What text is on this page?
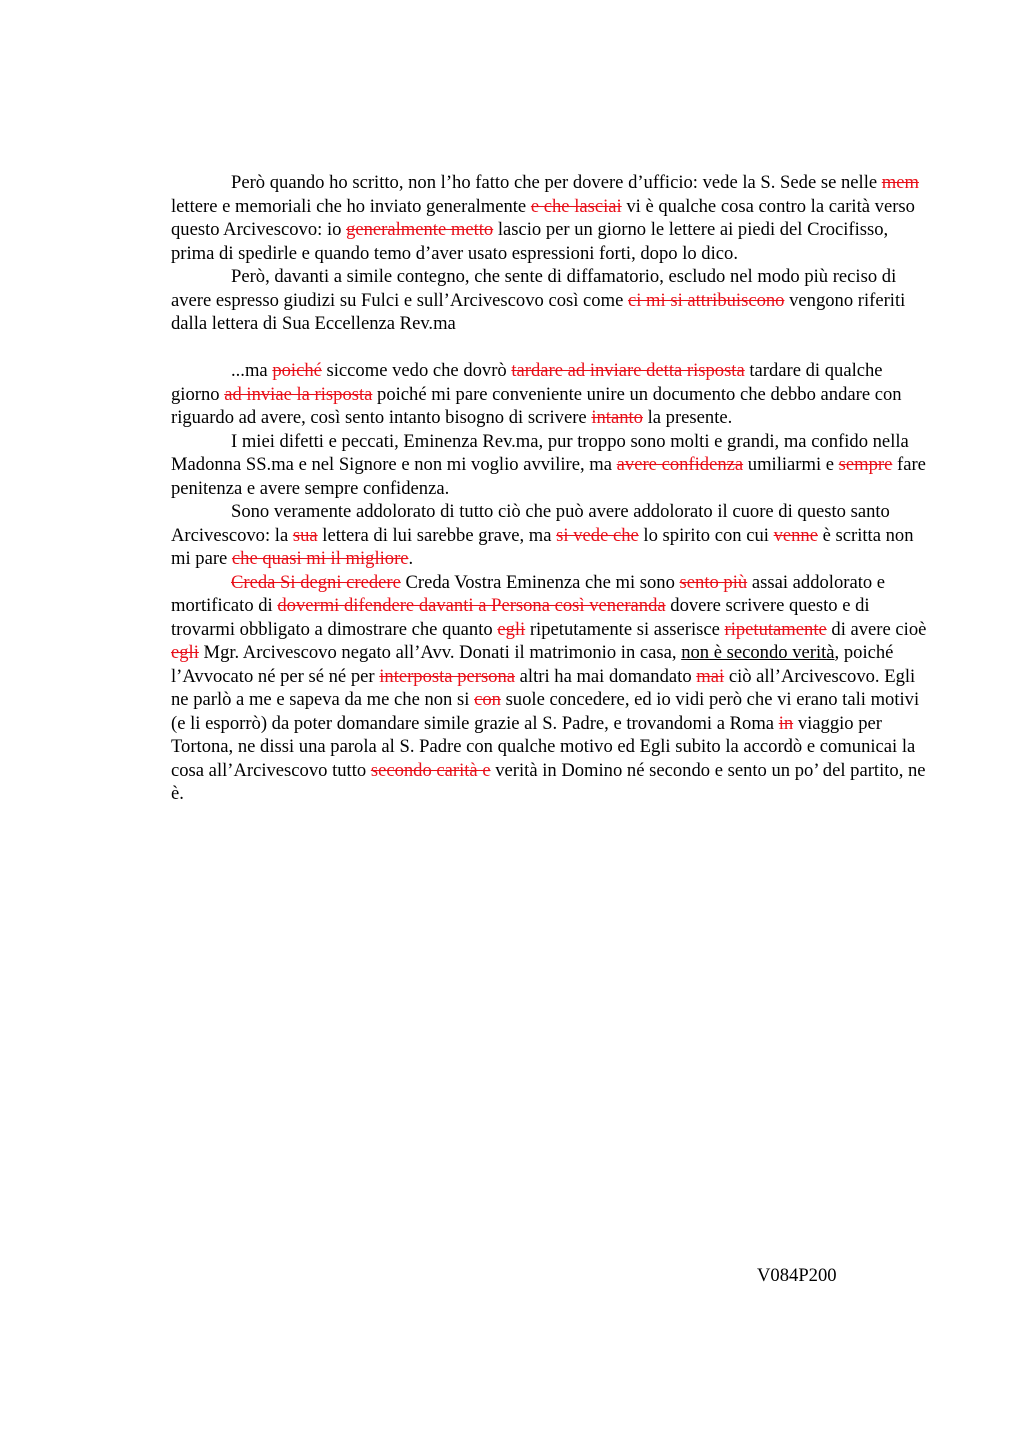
Però quando ho scritto, non l’ho fatto che per dovere d’ufficio: vede la S. Sede se nelle mem lettere e memoriali che ho inviato generalmente e che lasciai vi è qualche cosa contro la carità verso questo Arcivescovo: io generalmente metto lascio per un giorno le lettere ai piedi del Crocifisso, prima di spedirle e quando temo d’aver usato espressioni forti, dopo lo dico.

Però, davanti a simile contegno, che sente di diffamatorio, escludo nel modo più reciso di avere espresso giudizi su Fulci e sull’Arcivescovo così come ci mi si attribuiscono vengono riferiti dalla lettera di Sua Eccellenza Rev.ma

...ma poiché siccome vedo che dovrò tardare ad inviare detta risposta tardare di qualche giorno ad inviae la risposta poiché mi pare conveniente unire un documento che debbo andare con riguardo ad avere, così sento intanto bisogno di scrivere intanto la presente.

I miei difetti e peccati, Eminenza Rev.ma, pur troppo sono molti e grandi, ma confido nella Madonna SS.ma e nel Signore e non mi voglio avvilire, ma avere confidenza umiliarmi e sempre fare penitenza e avere sempre confidenza.

Sono veramente addolorato di tutto ciò che può avere addolorato il cuore di questo santo Arcivescovo: la sua lettera di lui sarebbe grave, ma si vede che lo spirito con cui venne è scritta non mi pare che quasi mi il migliore.

Creda Si degni credere Creda Vostra Eminenza che mi sono sento più assai addolorato e mortificato di dovermi difendere davanti a Persona così veneranda dovere scrivere questo e di trovarmi obbligato a dimostrare che quanto egli ripetutamente si asserisce ripetutamente di avere cioè egli Mgr. Arcivescovo negato all’Avv. Donati il matrimonio in casa, non è secondo verità, poiché l’Avvocato né per sé né per interposta persona altri ha mai domandato mai ciò all’Arcivescovo. Egli ne parlò a me e sapeva da me che non si con suole concedere, ed io vidi però che vi erano tali motivi (e li esporrò) da poter domandare simile grazie al S. Padre, e trovandomi a Roma in viaggio per Tortona, ne dissi una parola al S. Padre con qualche motivo ed Egli subito la accordò e comunicai la cosa all’Arcivescovo tutto secondo carità e verità in Domino né secondo e sento un po’ del partito, ne è.

V084P200
